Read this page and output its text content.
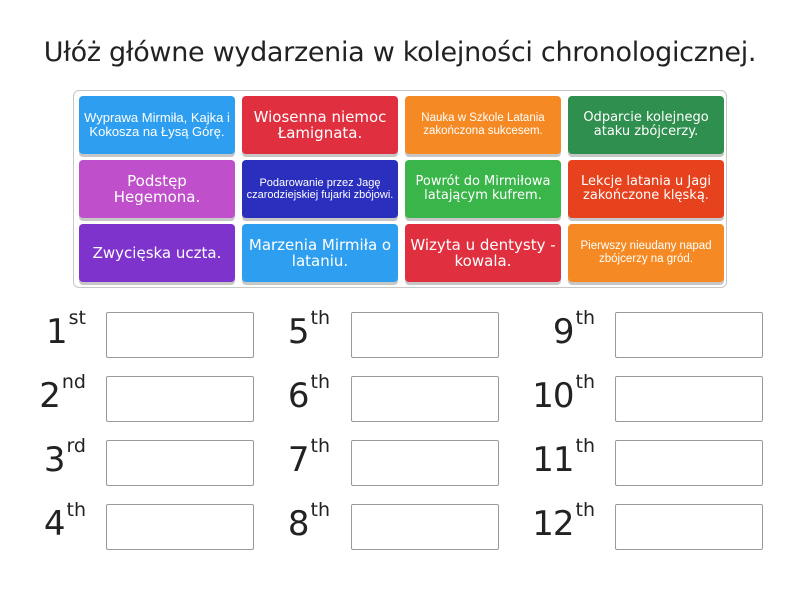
Ułóż główne wydarzenia w kolejności chronologicznej.
Wyprawa Mirmiła, Kajka i Kokosza na Łysą Górę.
Wiosenna niemoc Łamignata.
Nauka w Szkole Latania zakończona sukcesem.
Odparcie kolejnego ataku zbójcerzy.
Podstęp Hegemona.
Podarowanie przez Jagę czarodziejskiej fujarki zbójowi.
Powrót do Mirmiłowa latającym kufrem.
Lekcje latania u Jagi zakończone klęską.
Zwycięska uczta.	Marzenia Mirmiła o lataniu.
Wizyta u dentysty - kowala.
Pierwszy nieudany napad zbójcerzy na gród.
1st
2nd
3rd
4th
5th
6th
7th
8th
9th
10th
11th
12th
